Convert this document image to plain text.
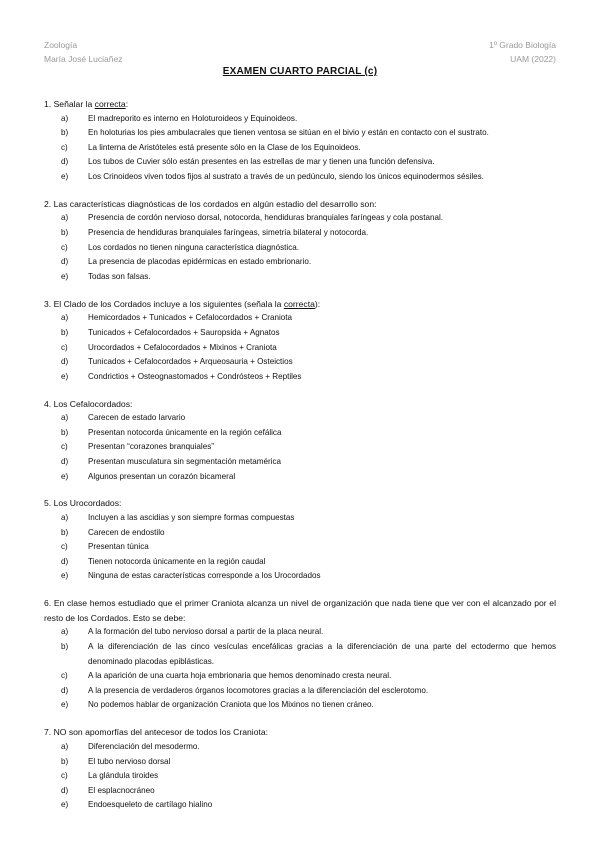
Zoología
María José Luciañez
1º Grado Biología
UAM (2022)
EXAMEN CUARTO PARCIAL (c)
1. Señalar la correcta:
a)	El madreporito es interno en Holoturoideos y Equinoideos.
b)	En holoturias los pies ambulacrales que tienen ventosa se sitúan en el bivio y están en contacto con el sustrato.
c)	La linterna de Aristóteles está presente sólo en la Clase de los Equinoideos.
d)	Los tubos de Cuvier sólo están presentes en las estrellas de mar y tienen una función defensiva.
e)	Los Crinoideos viven todos fijos al sustrato a través de un pedúnculo, siendo los únicos equinodermos sésiles.
2. Las características diagnósticas de los cordados en algún estadio del desarrollo son:
a)	Presencia de cordón nervioso dorsal, notocorda, hendiduras branquiales faríngeas y cola postanal.
b)	Presencia de hendiduras branquiales faríngeas, simetría bilateral y notocorda.
c)	Los cordados no tienen ninguna característica diagnóstica.
d)	La presencia de placodas epidérmicas en estado embrionario.
e)	Todas son falsas.
3. El Clado de los Cordados incluye a los siguientes (señala la correcta):
a)	Hemicordados + Tunicados + Cefalocordados + Craniota
b)	Tunicados + Cefalocordados + Sauropsida + Agnatos
c)	Urocordados + Cefalocordados + Mixinos + Craniota
d)	Tunicados + Cefalocordados + Arqueosauria + Osteictios
e)	Condrictios + Osteognastomados + Condrósteos + Reptiles
4. Los Cefalocordados:
a)	Carecen de estado larvario
b)	Presentan notocorda únicamente en la región cefálica
c)	Presentan “corazones branquiales”
d)	Presentan musculatura sin segmentación metamérica
e)	Algunos presentan un corazón bicameral
5. Los Urocordados:
a)	Incluyen a las ascidias y son siempre formas compuestas
b)	Carecen de endostilo
c)	Presentan túnica
d)	Tienen notocorda únicamente en la región caudal
e)	Ninguna de estas características corresponde a los Urocordados
6. En clase hemos estudiado que el primer Craniota alcanza un nivel de organización que nada tiene que ver con el alcanzado por el resto de los Cordados. Esto se debe:
a)	A la formación del tubo nervioso dorsal a partir de la placa neural.
b)	A la diferenciación de las cinco vesículas encefálicas gracias a la diferenciación de una parte del ectodermo que hemos denominado placodas epiblásticas.
c)	A la aparición de una cuarta hoja embrionaria que hemos denominado cresta neural.
d)	A la presencia de verdaderos órganos locomotores gracias a la diferenciación del esclerotomo.
e)	No podemos hablar de organización Craniota que los Mixinos no tienen cráneo.
7. NO son apomorfías del antecesor de todos los Craniota:
a)	Diferenciación del mesodermo.
b)	El tubo nervioso dorsal
c)	La glándula tiroides
d)	El esplacnocráneo
e)	Endoesqueleto de cartílago hialino
